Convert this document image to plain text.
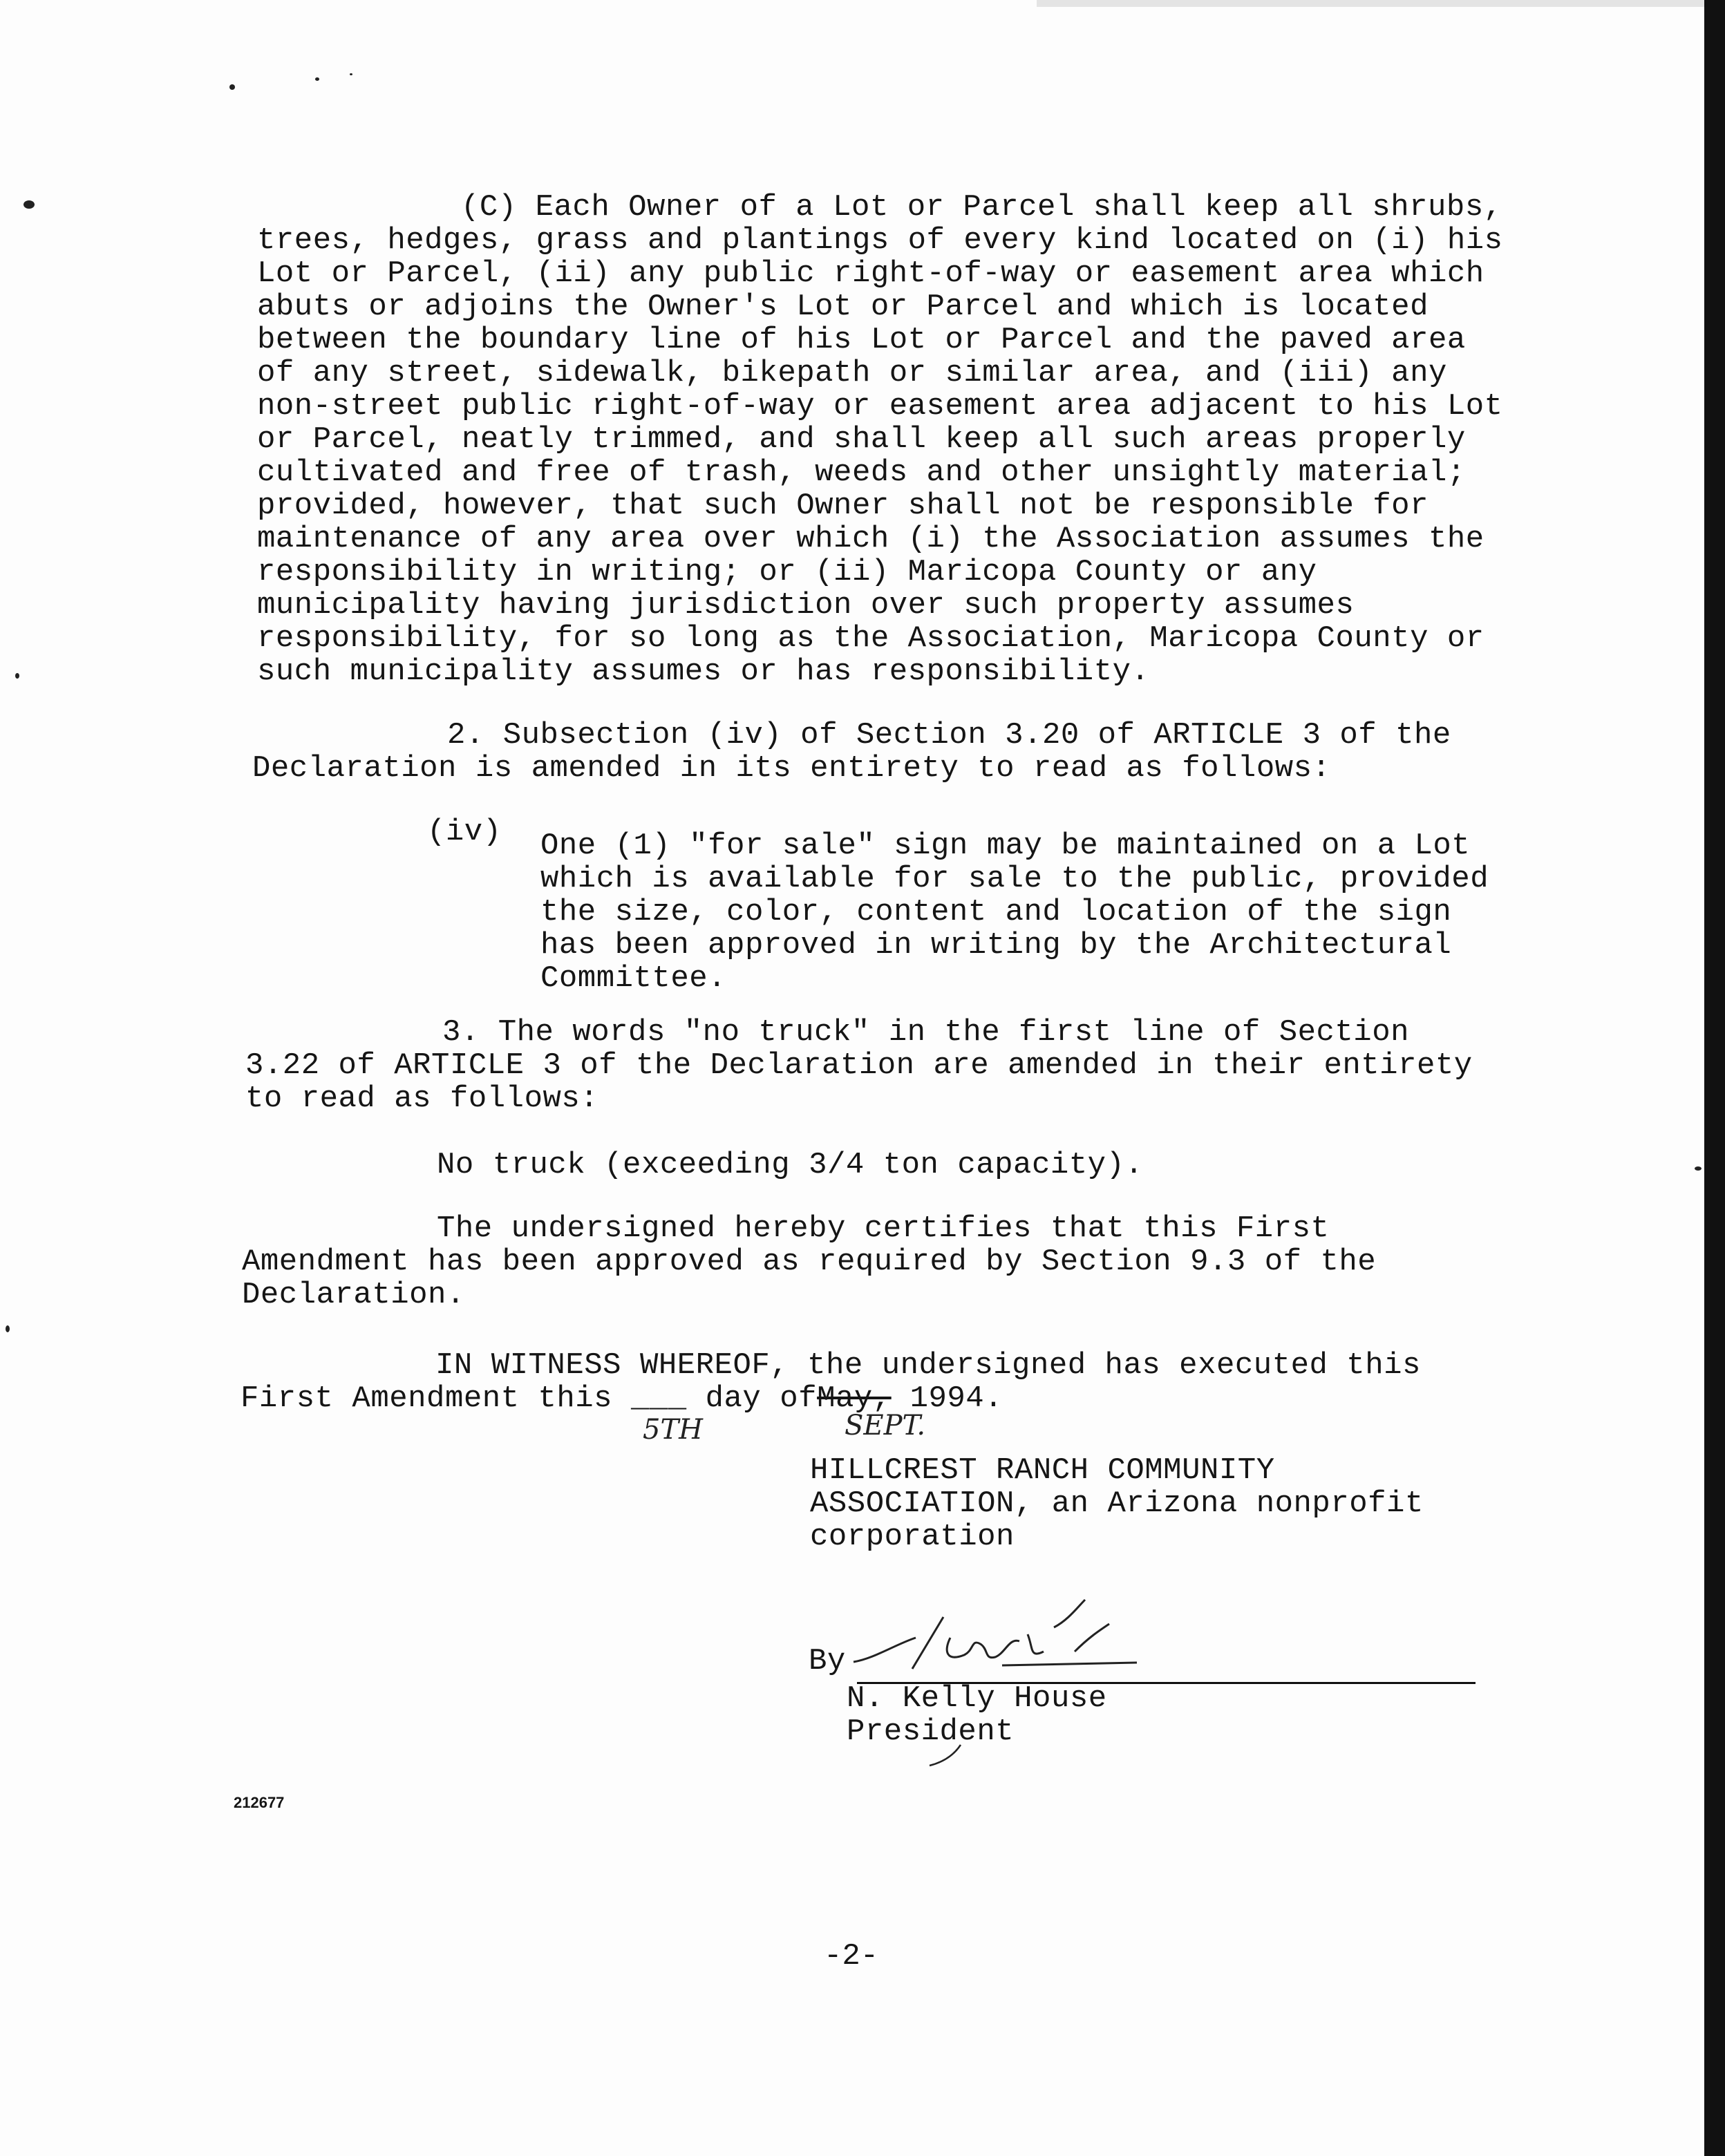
(C) Each Owner of a Lot or Parcel shall keep all shrubs,
trees, hedges, grass and plantings of every kind located on (i) his
Lot or Parcel, (ii) any public right-of-way or easement area which
abuts or adjoins the Owner's Lot or Parcel and which is located
between the boundary line of his Lot or Parcel and the paved area
of any street, sidewalk, bikepath or similar area, and (iii) any
non-street public right-of-way or easement area adjacent to his Lot
or Parcel, neatly trimmed, and shall keep all such areas properly
cultivated and free of trash, weeds and other unsightly material;
provided, however, that such Owner shall not be responsible for
maintenance of any area over which (i) the Association assumes the
responsibility in writing; or (ii) Maricopa County or any
municipality having jurisdiction over such property assumes
responsibility, for so long as the Association, Maricopa County or
such municipality assumes or has responsibility.
2. Subsection (iv) of Section 3.20 of ARTICLE 3 of the
Declaration is amended in its entirety to read as follows:
(iv) One (1) "for sale" sign may be maintained on a Lot
which is available for sale to the public, provided
the size, color, content and location of the sign
has been approved in writing by the Architectural
Committee.
3. The words "no truck" in the first line of Section
3.22 of ARTICLE 3 of the Declaration are amended in their entirety
to read as follows:
No truck (exceeding 3/4 ton capacity).
The undersigned hereby certifies that this First
Amendment has been approved as required by Section 9.3 of the
Declaration.
IN WITNESS WHEREOF, the undersigned has executed this
First Amendment this ___ day ofMay, 1994.
5TH	SEPT.
HILLCREST RANCH COMMUNITY
ASSOCIATION, an Arizona nonprofit
corporation
By
N. Kelly House
President
212677
-2-
